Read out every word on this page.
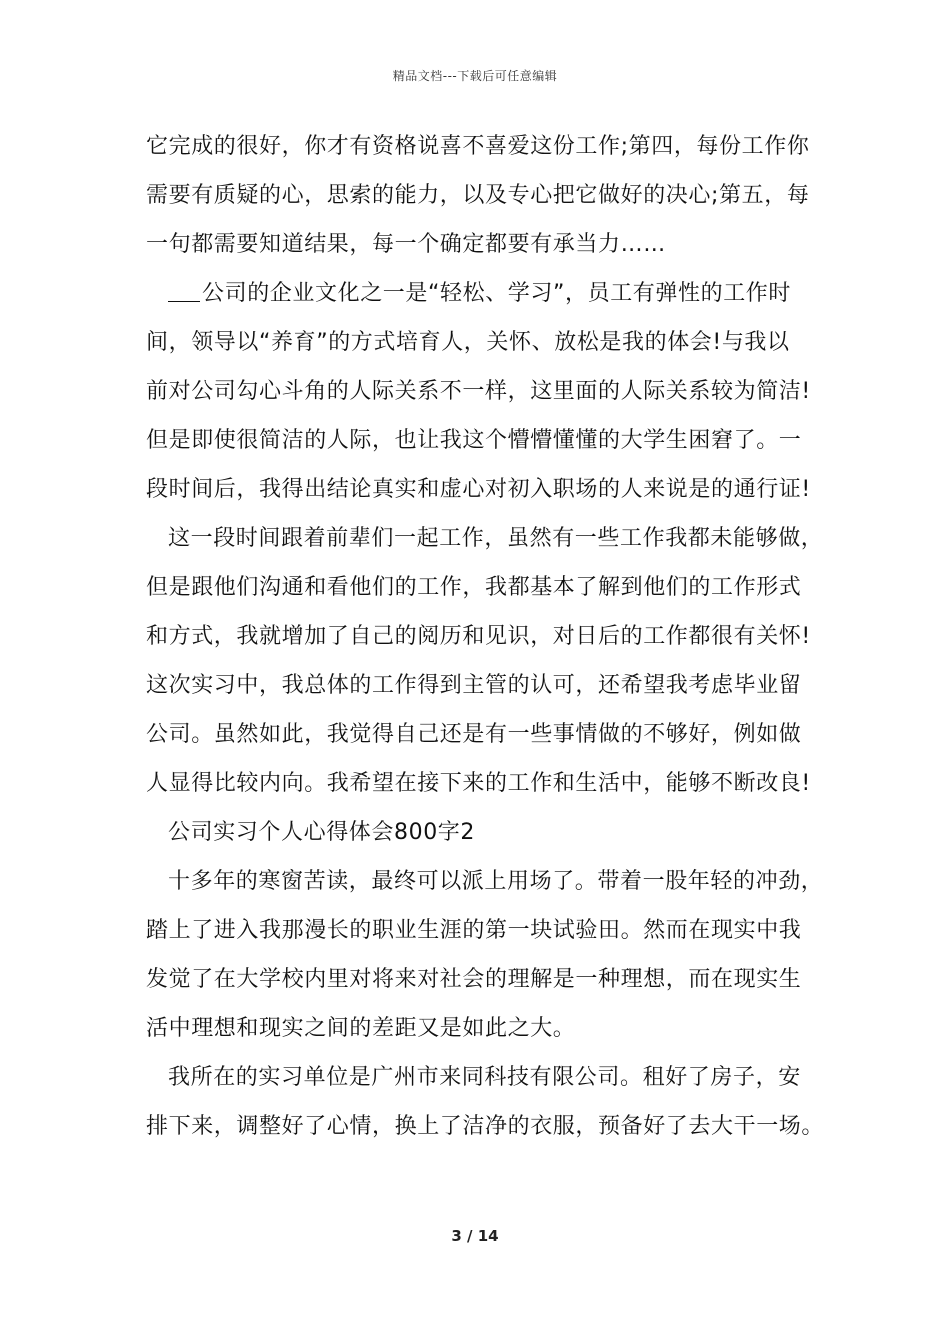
精品文档---下载后可任意编辑
它完成的很好，你才有资格说喜不喜爱这份工作;第四，每份工作你
需要有质疑的心，思索的能力，以及专心把它做好的决心;第五，每
一句都需要知道结果，每一个确定都要有承当力……
公司的企业文化之一是“轻松、学习”，员工有弹性的工作时
间，领导以“养育”的方式培育人，关怀、放松是我的体会!与我以
前对公司勾心斗角的人际关系不一样，这里面的人际关系较为简洁!
但是即使很简洁的人际，也让我这个懵懵懂懂的大学生困窘了。一
段时间后，我得出结论真实和虚心对初入职场的人来说是的通行证!
这一段时间跟着前辈们一起工作，虽然有一些工作我都未能够做，
但是跟他们沟通和看他们的工作，我都基本了解到他们的工作形式
和方式，我就增加了自己的阅历和见识，对日后的工作都很有关怀!
这次实习中，我总体的工作得到主管的认可，还希望我考虑毕业留
公司。虽然如此，我觉得自己还是有一些事情做的不够好，例如做
人显得比较内向。我希望在接下来的工作和生活中，能够不断改良!
公司实习个人心得体会800字2
十多年的寒窗苦读，最终可以派上用场了。带着一股年轻的冲劲，
踏上了进入我那漫长的职业生涯的第一块试验田。然而在现实中我
发觉了在大学校内里对将来对社会的理解是一种理想，而在现实生
活中理想和现实之间的差距又是如此之大。
我所在的实习单位是广州市来同科技有限公司。租好了房子，安
排下来，调整好了心情，换上了洁净的衣服，预备好了去大干一场。
3 / 14
